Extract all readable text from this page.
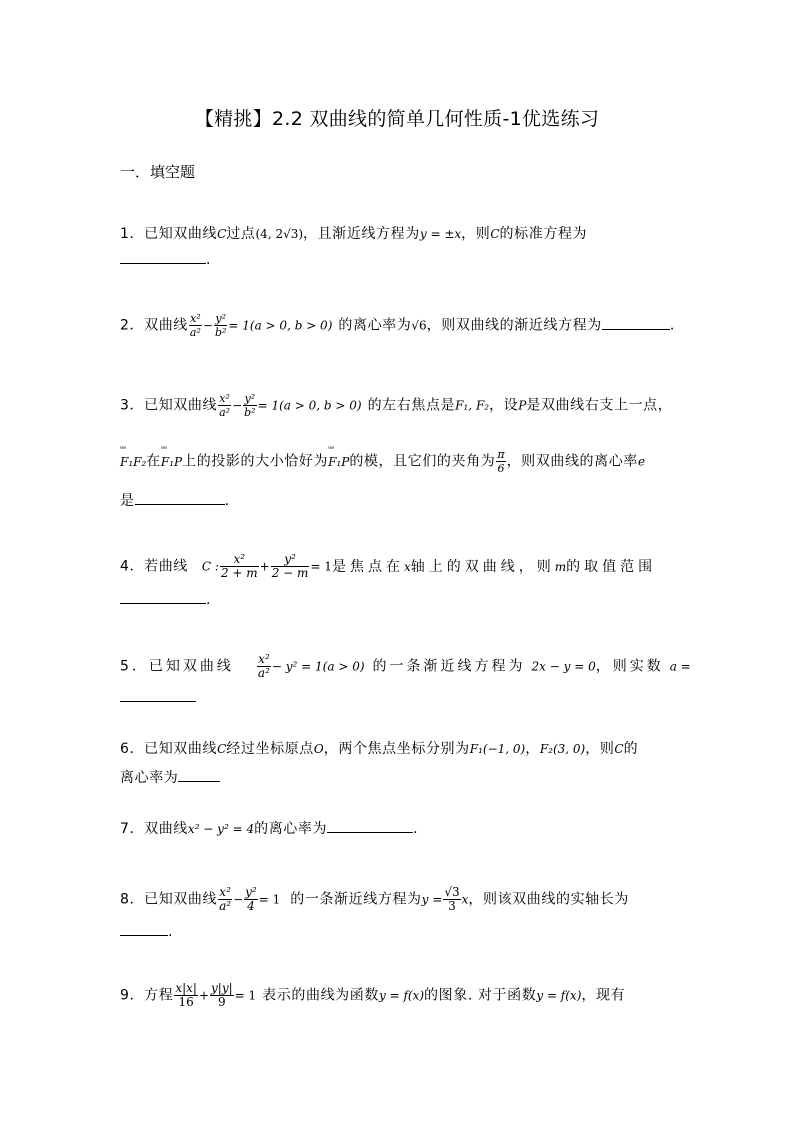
【精挑】2.2 双曲线的简单几何性质-1优选练习
一．填空题
1．已知双曲线C过点(4, 2√3)，且渐近线方程为y = ±x，则C的标准方程为
.
2．双曲线 $\frac{\text{x²}}{\text{a²}} - \frac{\text{y²}}{\text{b²}} = 1(a > 0$, b > 0) 的离心率为√6，则双曲线的渐近线方程为	.
3．已知双曲线 $\frac{\text{x²}}{\text{a²}} - \frac{\text{y²}}{\text{b²}} = 1(a > 0$, b > 0) 的左右焦点是F₁, F₂，设P是双曲线右支上一点，
ᵘᵘᵘ F₁F₂在ᵘᵘᵘ F₁P上的投影的大小恰好为ᵘᵘᵘ F₁P的模，且它们的夹角为 $\frac{\pi}{6}$ ，则双曲线的离心率e
是	.
4．若曲线 C : $\frac{\text{x²}}{2 + m} + \frac{\text{y²}}{2 - m} = 1$是焦点在x轴上的双曲线，则m的取值范围
.
5．已知双曲线 $\frac{\text{x²}}{\text{a²}} - y^2 = 1(a > 0)$ 的一条渐近线方程为 2x − y = 0，则实数 a =
6．已知双曲线C经过坐标原点O，两个焦点坐标分别为F₁(−1, 0)，F₂(3, 0)，则C的
离心率为
7．双曲线x² − y² = 4的离心率为	.
8．已知双曲线 $\frac{\text{x²}}{\text{a²}} - \frac{\text{y²}}{4} = 1$ 的一条渐近线方程为$y = \frac{√3}{3}$ x，则该双曲线的实轴长为
.
9．方程 $\frac{x|x|}{16} + \frac{y|y|}{9} = 1$ 表示的曲线为函数y = f(x)的图象. 对于函数y = f(x)，现有
